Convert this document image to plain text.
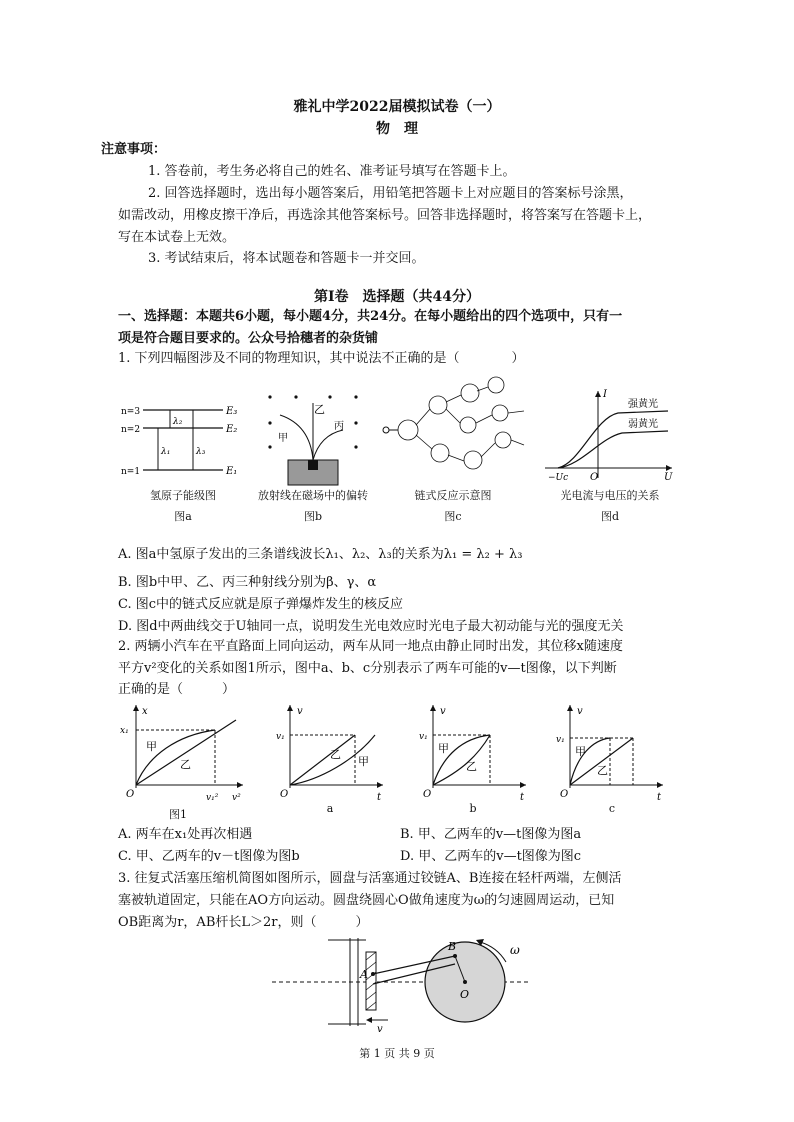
雅礼中学2022届模拟试卷（一）
物　理
注意事项：
1. 答卷前，考生务必将自己的姓名、准考证号填写在答题卡上。
2. 回答选择题时，选出每小题答案后，用铅笔把答题卡上对应题目的答案标号涂黑，
如需改动，用橡皮擦干净后，再选涂其他答案标号。回答非选择题时，将答案写在答题卡上，
写在本试卷上无效。
3. 考试结束后，将本试题卷和答题卡一并交回。
第Ⅰ卷　选择题（共44分）
一、选择题：本题共6小题，每小题4分，共24分。在每小题给出的四个选项中，只有一
项是符合题目要求的。公众号拾穗者的杂货铺
1. 下列四幅图涉及不同的物理知识，其中说法不正确的是（　　　　）
n=3
n=2
n=1
E₃
E₂
E₁
λ₂
λ₁	λ₃
氢原子能级图
图a
甲
乙
丙
放射线在磁场中的偏转
图b
链式反应示意图
图c
I
U
O
−Uc
强黄光
弱黄光
光电流与电压的关系
图d
A. 图a中氢原子发出的三条谱线波长λ₁、λ₂、λ₃的关系为λ₁ = λ₂ + λ₃
B. 图b中甲、乙、丙三种射线分别为β、γ、α
C. 图c中的链式反应就是原子弹爆炸发生的核反应
D. 图d中两曲线交于U轴同一点，说明发生光电效应时光电子最大初动能与光的强度无关
2. 两辆小汽车在平直路面上同向运动，两车从同一地点由静止同时出发，其位移x随速度
平方v²变化的关系如图1所示，图中a、b、c分别表示了两车可能的v—t图像，以下判断
正确的是（　　　）
x
x₁
甲
乙
O	v₁² v²
图1
v
v₁
乙
甲
O	t
a
v
v₁
甲
乙
O	t
b
v
v₁
甲
乙
O	t
c
A. 两车在x₁处再次相遇	B. 甲、乙两车的v—t图像为图a
C. 甲、乙两车的v－t图像为图b	D. 甲、乙两车的v—t图像为图c
3. 往复式活塞压缩机简图如图所示，圆盘与活塞通过铰链A、B连接在轻杆两端，左侧活
塞被轨道固定，只能在AO方向运动。圆盘绕圆心O做角速度为ω的匀速圆周运动，已知
OB距离为r，AB杆长L＞2r，则（　　　）
A
B
O
ω
v
第 1 页 共 9 页
